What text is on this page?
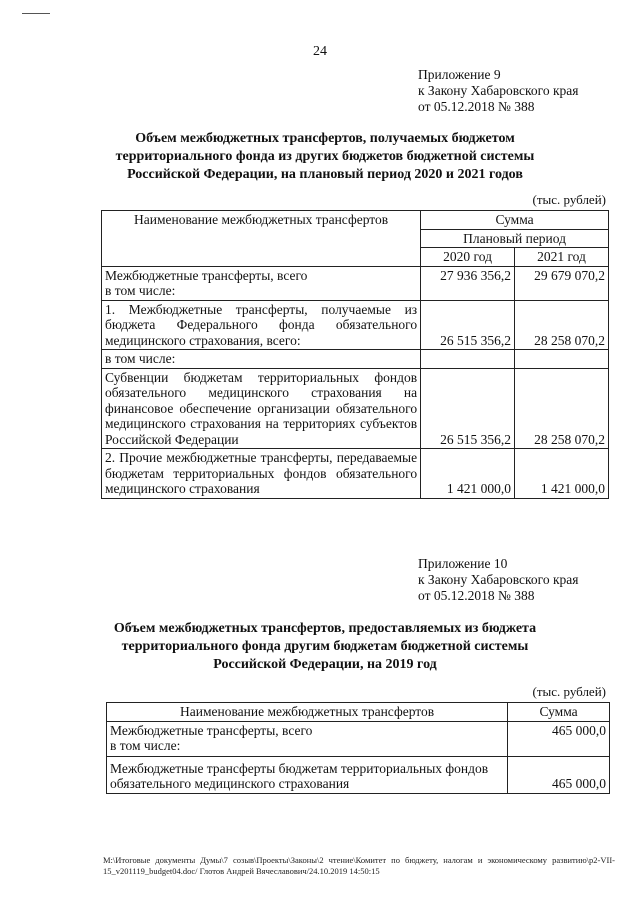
24
Приложение 9
к Закону Хабаровского края
от 05.12.2018 № 388
Объем межбюджетных трансфертов, получаемых бюджетом
территориального фонда из других бюджетов бюджетной системы
Российской Федерации, на плановый период 2020 и 2021 годов
(тыс. рублей)
Наименование межбюджетных трансфертов	Сумма	
	Плановый период	
	2020 год	2021 год

Межбюджетные трансферты, всего
в том числе:	27 936 356,2	29 679 070,2
1. Межбюджетные трансферты, получаемые из бюджета Федерального фонда обязательного медицинского страхования, всего:	26 515 356,2	28 258 070,2
в том числе:		
Субвенции бюджетам территориальных фондов обязательного медицинского страхования на финансовое обеспечение организации обязательного медицинского страхования на территориях субъектов Российской Федерации	26 515 356,2	28 258 070,2
2. Прочие межбюджетные трансферты, передаваемые бюджетам территориальных фондов обязательного медицинского страхования	1 421 000,0	1 421 000,0
Приложение 10
к Закону Хабаровского края
от 05.12.2018 № 388
Объем межбюджетных трансфертов, предоставляемых из бюджета
территориального фонда другим бюджетам бюджетной системы
Российской Федерации, на 2019 год
(тыс. рублей)
Наименование межбюджетных трансфертов	Сумма

Межбюджетные трансферты, всего
в том числе:	465 000,0
Межбюджетные трансферты бюджетам территориальных фондов обязательного медицинского страхования	465 000,0
M:\Итоговые документы Думы\7 созыв\Проекты\Законы\2 чтение\Комитет по бюджету, налогам и экономическому развитию\p2-VII-
15_v201119_budget04.doc/ Глотов Андрей Вячеславович/24.10.2019 14:50:15
